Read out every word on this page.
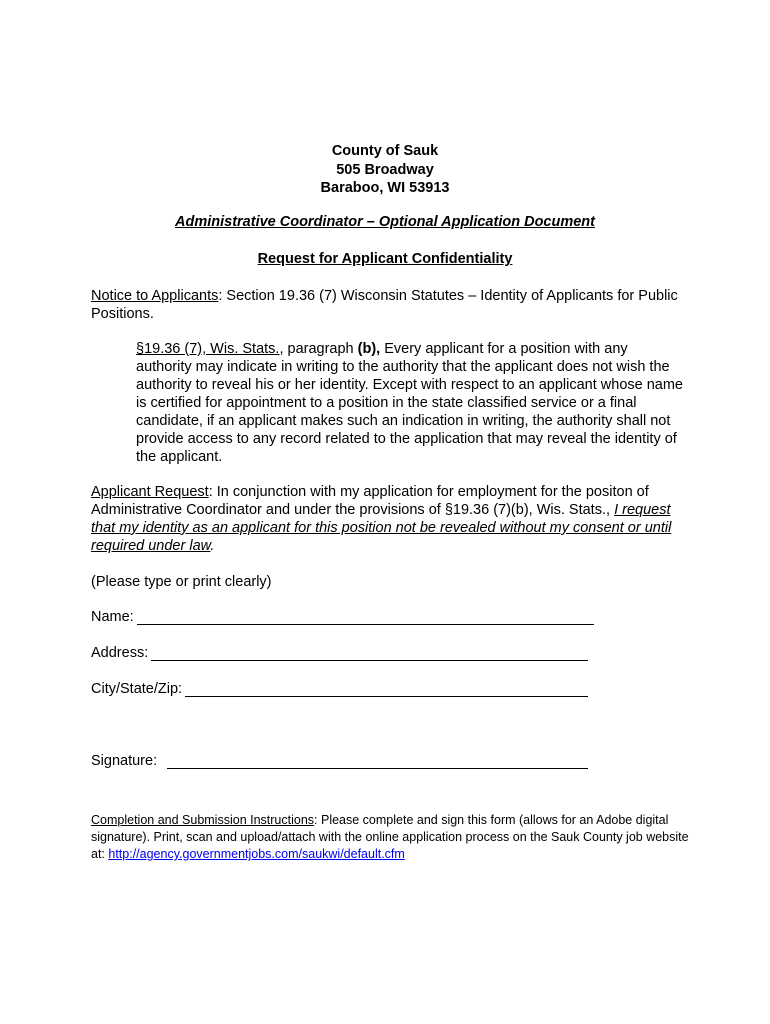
County of Sauk
505 Broadway
Baraboo, WI 53913
Administrative Coordinator – Optional Application Document
Request for Applicant Confidentiality
Notice to Applicants: Section 19.36 (7) Wisconsin Statutes – Identity of Applicants for Public Positions.
§19.36 (7), Wis. Stats., paragraph (b), Every applicant for a position with any authority may indicate in writing to the authority that the applicant does not wish the authority to reveal his or her identity. Except with respect to an applicant whose name is certified for appointment to a position in the state classified service or a final candidate, if an applicant makes such an indication in writing, the authority shall not provide access to any record related to the application that may reveal the identity of the applicant.
Applicant Request: In conjunction with my application for employment for the positon of Administrative Coordinator and under the provisions of §19.36 (7)(b), Wis. Stats., I request that my identity as an applicant for this position not be revealed without my consent or until required under law.
(Please type or print clearly)
Name:
Address:
City/State/Zip:
Signature:
Completion and Submission Instructions: Please complete and sign this form (allows for an Adobe digital signature). Print, scan and upload/attach with the online application process on the Sauk County job website at: http://agency.governmentjobs.com/saukwi/default.cfm
